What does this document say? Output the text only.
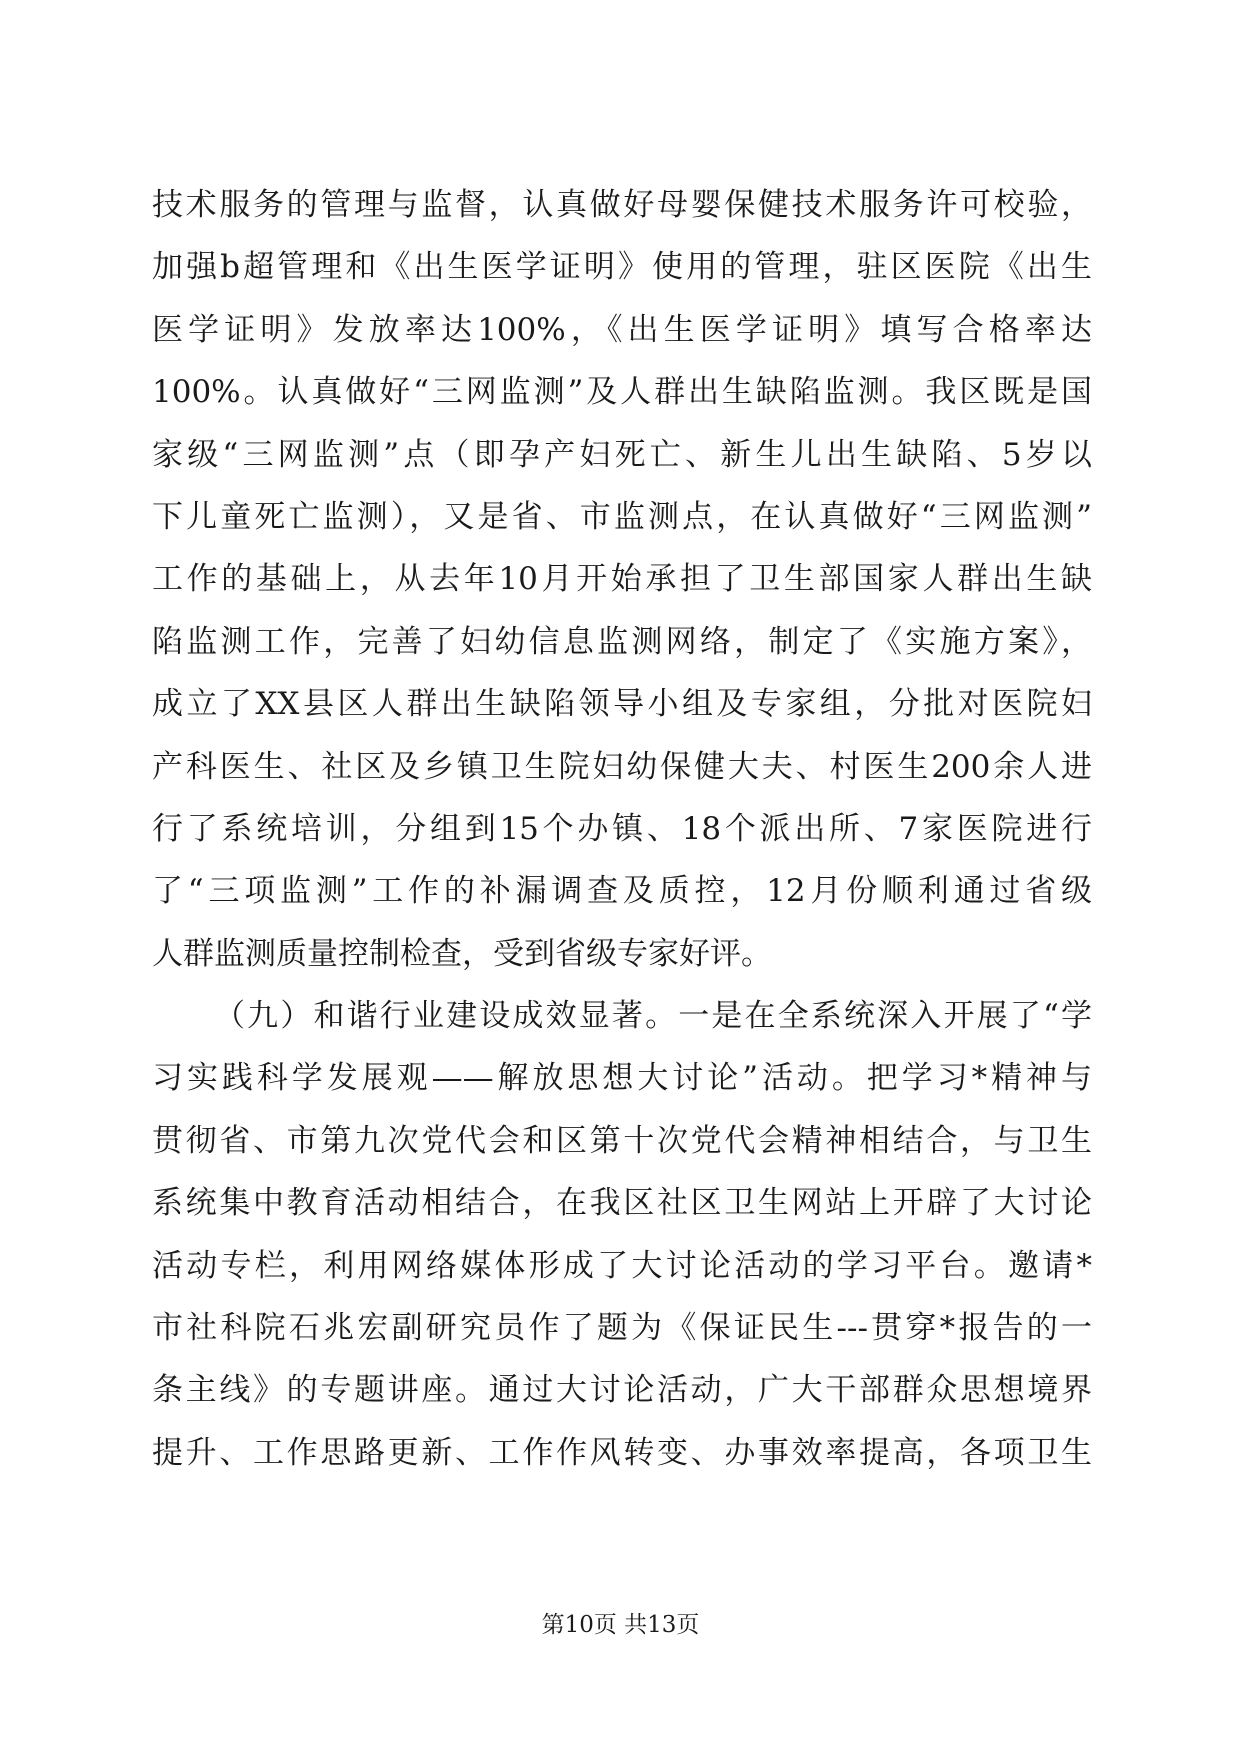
技术服务的管理与监督，认真做好母婴保健技术服务许可校验，
加强b超管理和《出生医学证明》使用的管理，驻区医院《出生
医学证明》发放率达100%，《出生医学证明》填写合格率达
100%。认真做好“三网监测”及人群出生缺陷监测。我区既是国
家级“三网监测”点（即孕产妇死亡、新生儿出生缺陷、5岁以
下儿童死亡监测），又是省、市监测点，在认真做好“三网监测”
工作的基础上，从去年10月开始承担了卫生部国家人群出生缺
陷监测工作，完善了妇幼信息监测网络，制定了《实施方案》，
成立了XX县区人群出生缺陷领导小组及专家组，分批对医院妇
产科医生、社区及乡镇卫生院妇幼保健大夫、村医生200余人进
行了系统培训，分组到15个办镇、18个派出所、7家医院进行
了“三项监测”工作的补漏调查及质控，12月份顺利通过省级
人群监测质量控制检查，受到省级专家好评。
（九）和谐行业建设成效显著。一是在全系统深入开展了“学
习实践科学发展观——解放思想大讨论”活动。把学习*精神与
贯彻省、市第九次党代会和区第十次党代会精神相结合，与卫生
系统集中教育活动相结合，在我区社区卫生网站上开辟了大讨论
活动专栏，利用网络媒体形成了大讨论活动的学习平台。邀请*
市社科院石兆宏副研究员作了题为《保证民生---贯穿*报告的一
条主线》的专题讲座。通过大讨论活动，广大干部群众思想境界
提升、工作思路更新、工作作风转变、办事效率提高，各项卫生
第10页 共13页
